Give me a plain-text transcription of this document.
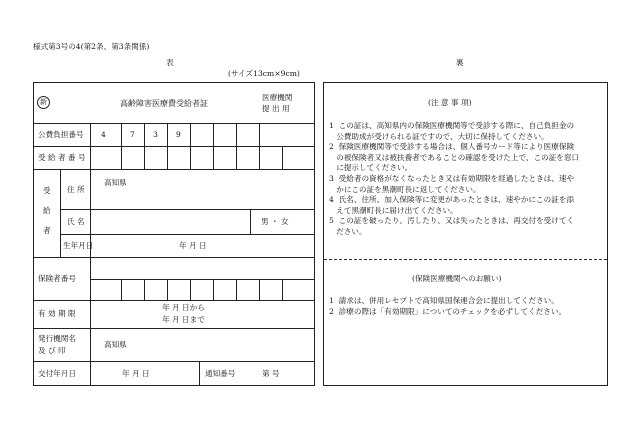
様式第3号の4(第2条、第3条関係)
表	裏
(サイズ13cm×9cm)
新	高齢障害医療費受給者証
医療機関
提 出 用
公費負担番号 4	7 3 9
受 給 者 番 号
受
給
者
住 所
高知県
氏 名	男 ・ 女
生年月日	年 月 日
保険者番号
有 効 期 限
年 月 日から
年 月 日まで
発行機関名
及 び 印
高知県
交付年月日	年 月 日	通知番号	第 号
(注 意 事 項)
1  この証は、高知県内の保険医療機関等で受診する際に、自己負担金の
公費助成が受けられる証ですので、大切に保持してください。
2  保険医療機関等で受診する場合は、個人番号カード等により医療保険
の被保険者又は被扶養者であることの確認を受けた上で、この証を窓口
に提示してください。
3  受給者の資格がなくなったとき又は有効期限を経過したときは、速や
かにこの証を黒潮町長に返してください。
4  氏名、住所、加入保険等に変更があったときは、速やかにこの証を添
えて黒潮町長に届け出てください。
5  この証を破ったり、汚したり、又は失ったときは、再交付を受けてく
ださい。
(保険医療機関へのお願い)
1  請求は、併用レセプトで高知県国保連合会に提出してください。
2  診療の際は「有効期限」についてのチェックを必ずしてください。
